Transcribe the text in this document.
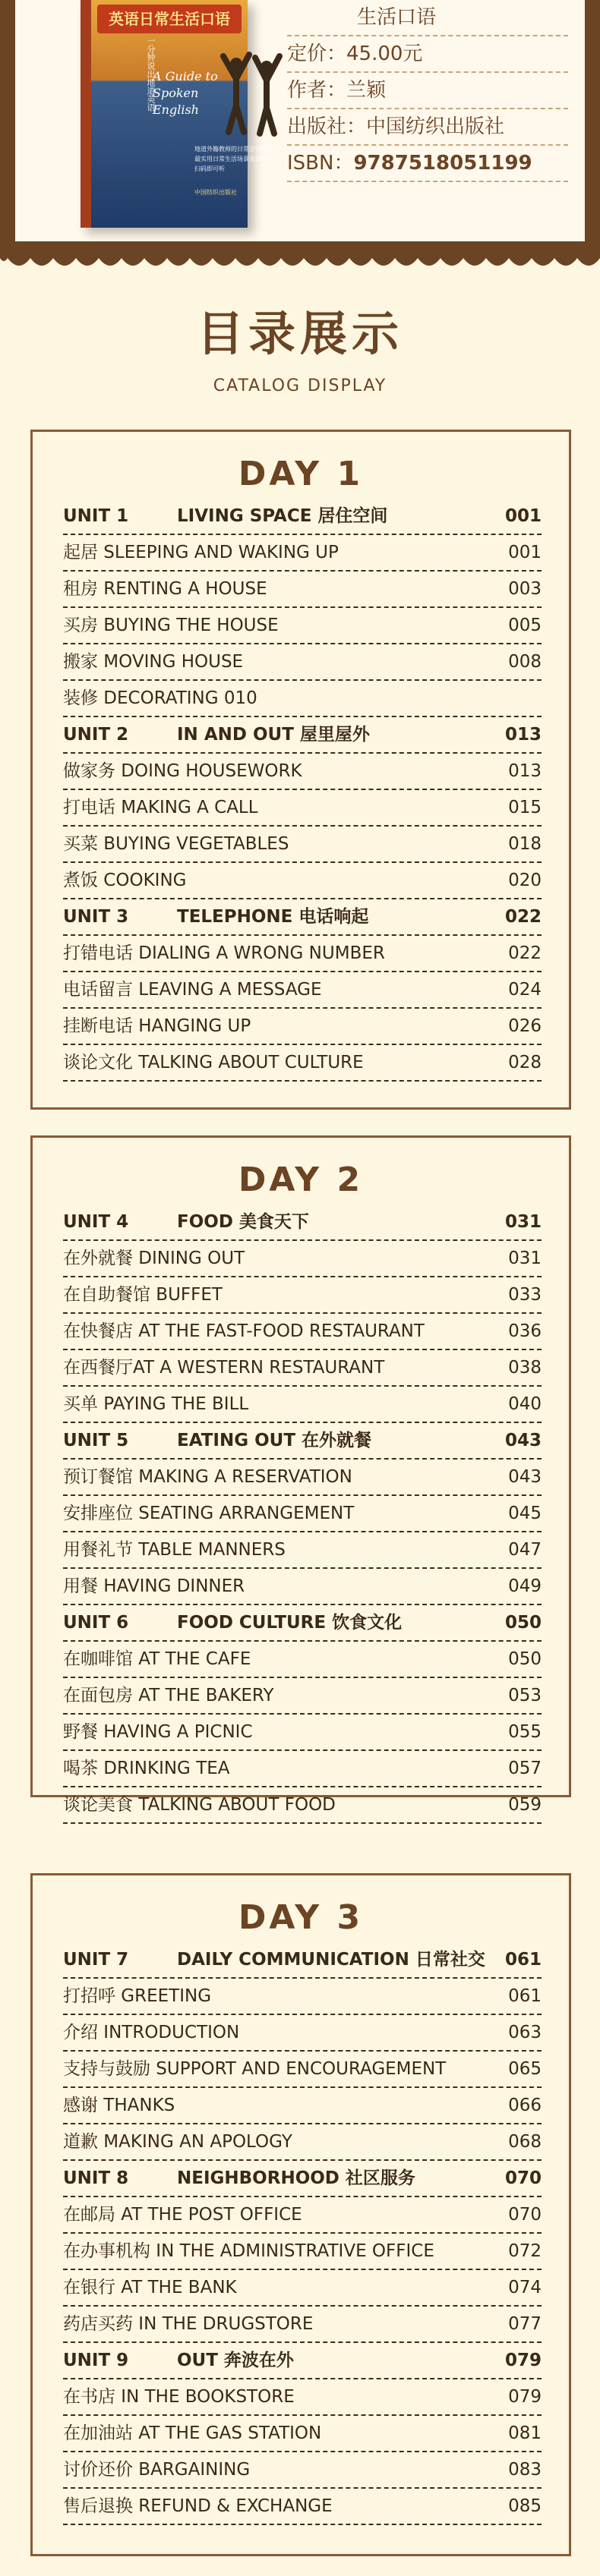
英语日常生活口语
一分钟说出地道英语
A Guide to Spoken English
地道外籍教师的日常会话精选
最实用日常生活场景英语口语
扫码即可听
中国纺织出版社
生活口语
定价：45.00元
作者：兰颖
出版社：中国纺织出版社
ISBN：9787518051199
目录展示
CATALOG DISPLAY
DAY 1
UNIT 1	LIVING SPACE 居住空间	001
起居 SLEEPING AND WAKING UP	001
租房 RENTING A HOUSE	003
买房 BUYING THE HOUSE	005
搬家 MOVING HOUSE	008
装修 DECORATING 010
UNIT 2	IN AND OUT 屋里屋外	013
做家务 DOING HOUSEWORK	013
打电话 MAKING A CALL	015
买菜 BUYING VEGETABLES	018
煮饭 COOKING	020
UNIT 3	TELEPHONE 电话响起	022
打错电话 DIALING A WRONG NUMBER	022
电话留言 LEAVING A MESSAGE	024
挂断电话 HANGING UP	026
谈论文化 TALKING ABOUT CULTURE	028
DAY 2
UNIT 4	FOOD 美食天下	031
在外就餐 DINING OUT	031
在自助餐馆 BUFFET	033
在快餐店 AT THE FAST-FOOD RESTAURANT	036
在西餐厅AT A WESTERN RESTAURANT	038
买单 PAYING THE BILL	040
UNIT 5	EATING OUT 在外就餐	043
预订餐馆 MAKING A RESERVATION	043
安排座位 SEATING ARRANGEMENT	045
用餐礼节 TABLE MANNERS	047
用餐 HAVING DINNER	049
UNIT 6	FOOD CULTURE 饮食文化	050
在咖啡馆 AT THE CAFE	050
在面包房 AT THE BAKERY	053
野餐 HAVING A PICNIC	055
喝茶 DRINKING TEA	057
谈论美食 TALKING ABOUT FOOD	059
DAY 3
UNIT 7	DAILY COMMUNICATION 日常社交	061
打招呼 GREETING	061
介绍 INTRODUCTION	063
支持与鼓励 SUPPORT AND ENCOURAGEMENT	065
感谢 THANKS	066
道歉 MAKING AN APOLOGY	068
UNIT 8	NEIGHBORHOOD 社区服务	070
在邮局 AT THE POST OFFICE	070
在办事机构 IN THE ADMINISTRATIVE OFFICE	072
在银行 AT THE BANK	074
药店买药 IN THE DRUGSTORE	077
UNIT 9	OUT 奔波在外	079
在书店 IN THE BOOKSTORE	079
在加油站 AT THE GAS STATION	081
讨价还价 BARGAINING	083
售后退换 REFUND & EXCHANGE	085
